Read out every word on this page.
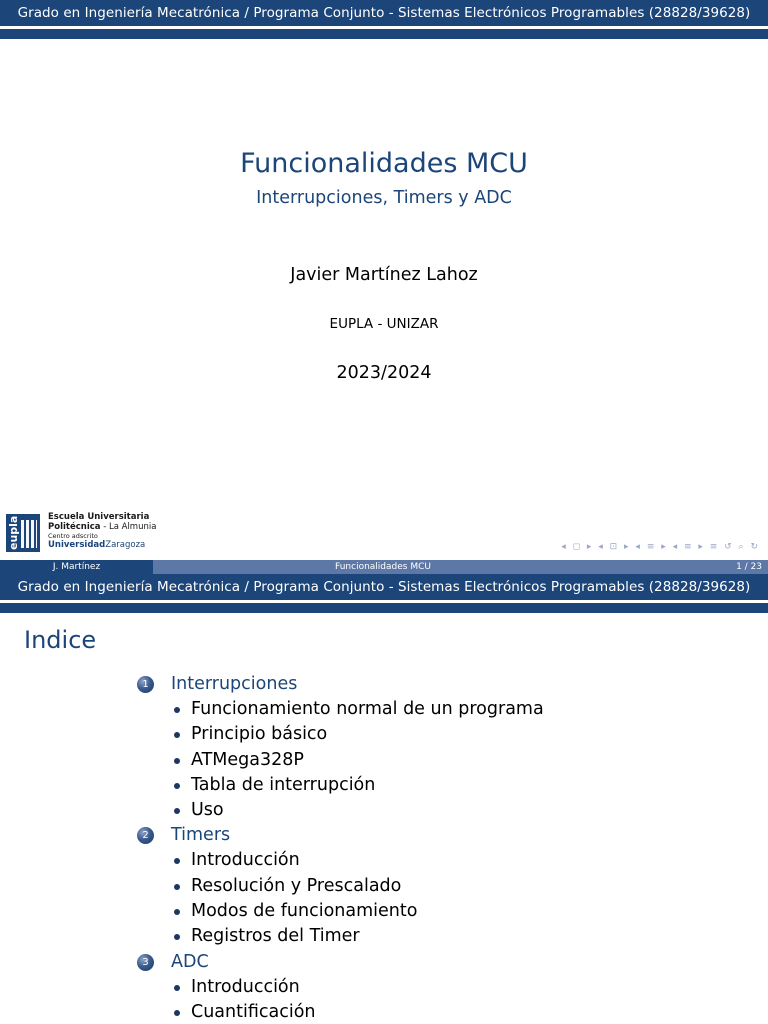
Grado en Ingeniería Mecatrónica / Programa Conjunto - Sistemas Electrónicos Programables (28828/39628)
Funcionalidades MCU
Interrupciones, Timers y ADC
Javier Martínez Lahoz
EUPLA - UNIZAR
2023/2024
eupla	Escuela Universitaria
Politécnica - La Almunia
Centro adscrito
UniversidadZaragoza	◂ ◻ ▸ ◂ ⊡ ▸ ◂ ≡ ▸ ◂ ≡ ▸ ≡ ↺ ⌕ ↻
J. Martínez	Funcionalidades MCU	1 / 23
Grado en Ingeniería Mecatrónica / Programa Conjunto - Sistemas Electrónicos Programables (28828/39628)
Indice
1	Interrupciones
Funcionamiento normal de un programa
Principio básico
ATMega328P
Tabla de interrupción
Uso
2	Timers
Introducción
Resolución y Prescalado
Modos de funcionamiento
Registros del Timer
3	ADC
Introducción
Cuantificación
